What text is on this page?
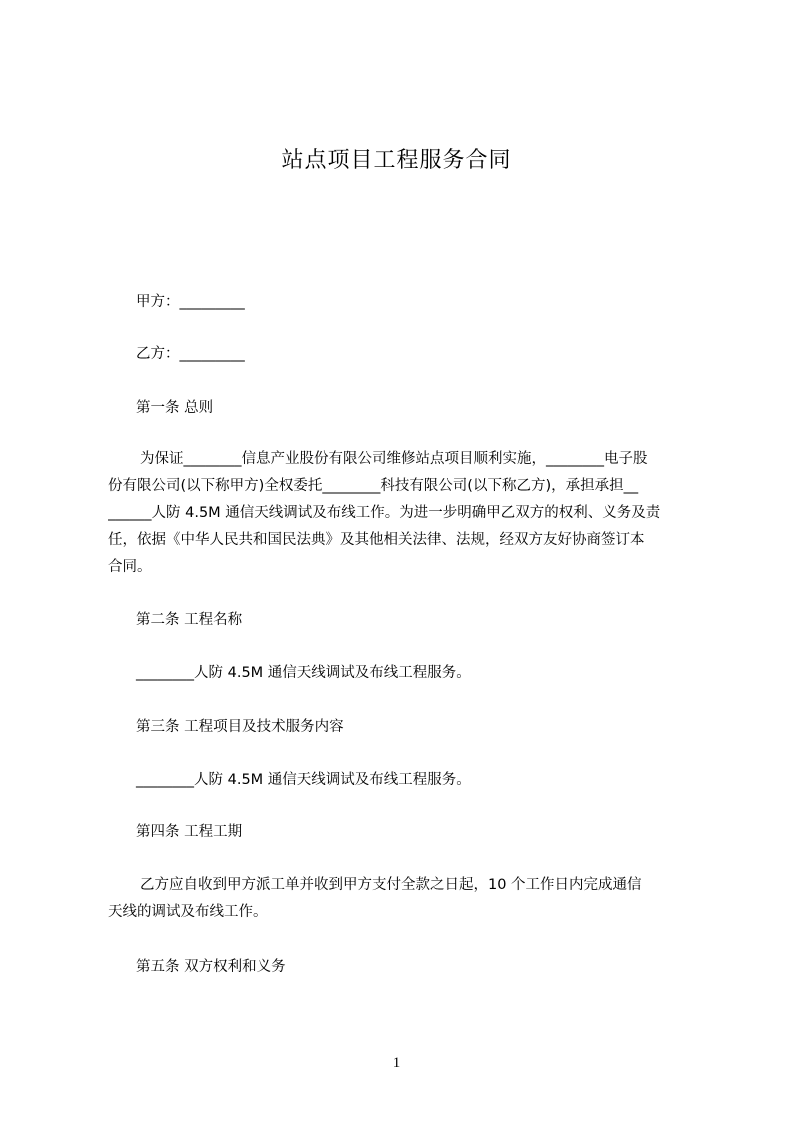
站点项目工程服务合同
甲方：_________
乙方：_________
第一条 总则
为保证________信息产业股份有限公司维修站点项目顺利实施，________电子股
份有限公司(以下称甲方)全权委托________科技有限公司(以下称乙方)，承担承担__
______人防 4.5M 通信天线调试及布线工作。为进一步明确甲乙双方的权利、义务及责
任，依据《中华人民共和国民法典》及其他相关法律、法规，经双方友好协商签订本
合同。
第二条 工程名称
________人防 4.5M 通信天线调试及布线工程服务。
第三条 工程项目及技术服务内容
________人防 4.5M 通信天线调试及布线工程服务。
第四条 工程工期
乙方应自收到甲方派工单并收到甲方支付全款之日起，10 个工作日内完成通信
天线的调试及布线工作。
第五条 双方权利和义务
1
